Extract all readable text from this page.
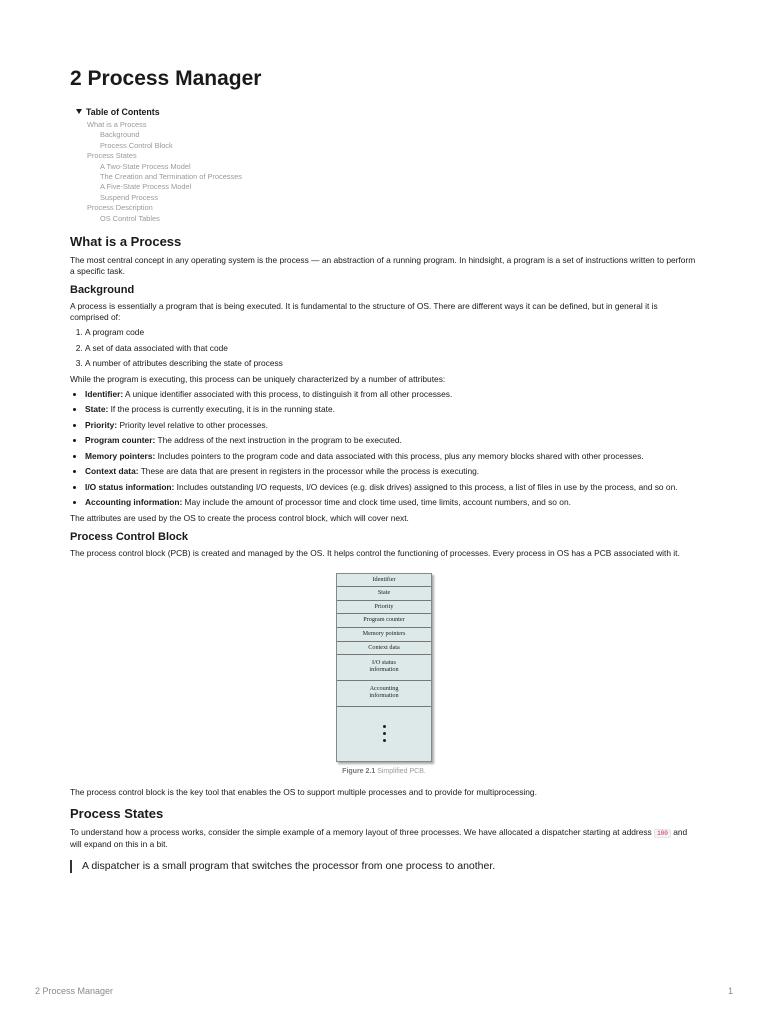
2 Process Manager
Table of Contents
What is a Process
Background
Process Control Block
Process States
A Two-State Process Model
The Creation and Termination of Processes
A Five-State Process Model
Suspend Process
Process Description
OS Control Tables
What is a Process

The most central concept in any operating system is the process — an abstraction of a running program. In hindsight, a program is a set of instructions written to perform a specific task.

Background

A process is essentially a program that is being executed. It is fundamental to the structure of OS. There are different ways it can be defined, but in general it is comprised of:

1. A program code
2. A set of data associated with that code
3. A number of attributes describing the state of process

While the program is executing, this process can be uniquely characterized by a number of attributes:

• Identifier: A unique identifier associated with this process, to distinguish it from all other processes.
• State: If the process is currently executing, it is in the running state.
• Priority: Priority level relative to other processes.
• Program counter: The address of the next instruction in the program to be executed.
• Memory pointers: Includes pointers to the program code and data associated with this process, plus any memory blocks shared with other processes.
• Context data: These are data that are present in registers in the processor while the process is executing.
• I/O status information: Includes outstanding I/O requests, I/O devices (e.g. disk drives) assigned to this process, a list of files in use by the process, and so on.
• Accounting information: May include the amount of processor time and clock time used, time limits, account numbers, and so on.

The attributes are used by the OS to create the process control block, which will cover next.

Process Control Block

The process control block (PCB) is created and managed by the OS. It helps control the functioning of processes. Every process in OS has a PCB associated with it.

Identifier
State
Priority
Program counter
Memory pointers
Context data
I/O status
information
Accounting
information
Figure 2.1 Simplified PCB.

The process control block is the key tool that enables the OS to support multiple processes and to provide for multiprocessing.

Process States

To understand how a process works, consider the simple example of a memory layout of three processes. We have allocated a dispatcher starting at address 100 and will expand on this in a bit.

A dispatcher is a small program that switches the processor from one process to another.
2 Process Manager	1
